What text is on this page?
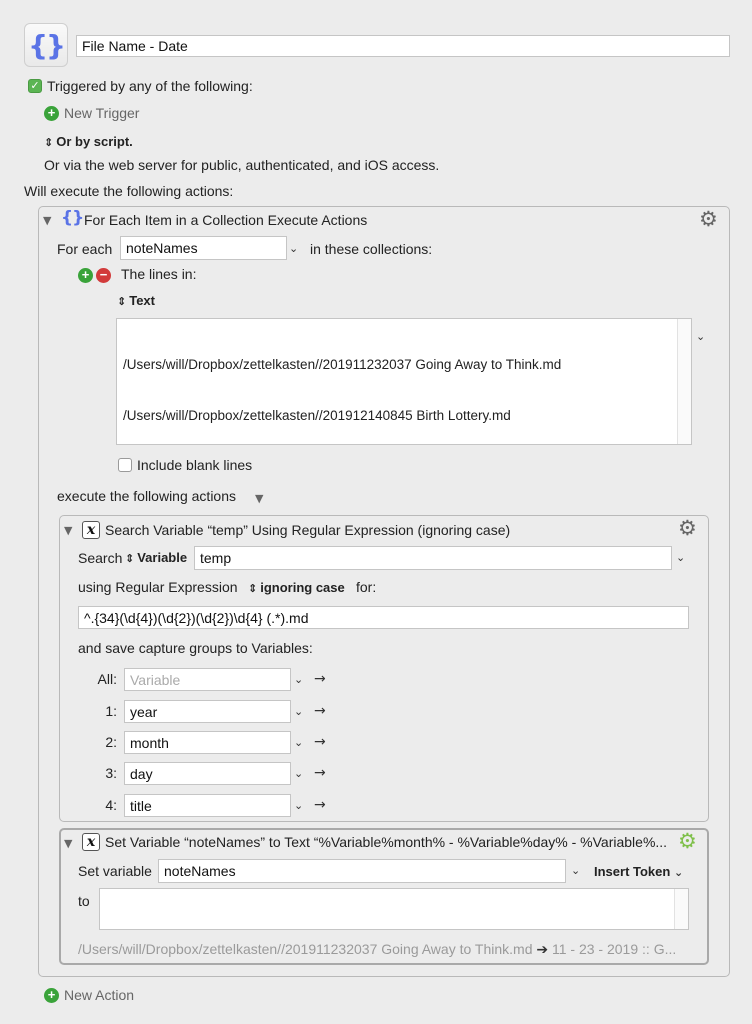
{} File Name - Date
✓ Triggered by any of the following:
+ New Trigger
⇕ Or by script.
Or via the web server for public, authenticated, and iOS access.
Will execute the following actions:
▼ {} For Each Item in a Collection Execute Actions	⚙
For each noteNames	⌄ in these collections:
+ − The lines in:
⇕ Text

/Users/will/Dropbox/zettelkasten//201911232037 Going Away to Think.md

/Users/will/Dropbox/zettelkasten//201912140845 Birth Lottery.md

⌄
Include blank lines
execute the following actions ▼
▼	x Search Variable “temp” Using Regular Expression (ignoring case)	⚙
Search ⇕ Variable temp	⌄
using Regular Expression ⇕ ignoring case for:
^.{34}(\d{4})(\d{2})(\d{2})\d{4} (.*).md
and save capture groups to Variables:
All: Variable	⌄ →
1: year	⌄ →
2: month	⌄ →
3: day	⌄ →
4: title	⌄ →
▼	x Set Variable “noteNames” to Text “%Variable%month% - %Variable%day% - %Variable%... ⚙
Set variable noteNames	⌄ Insert Token ⌄
to

/Users/will/Dropbox/zettelkasten//201911232037 Going Away to Think.md ➔ 11 - 23 - 2019 :: G...
+ New Action
